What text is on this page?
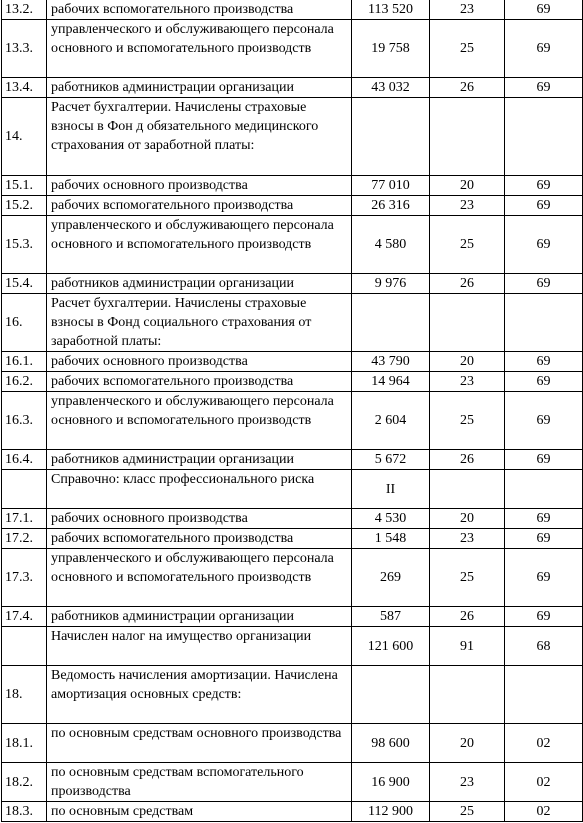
13.2.	рабочих вспомогательного производства	113 520	23	69
13.3.	управленческого и обслуживающего персонала основного и вспомогательного производств	19 758	25	69
13.4.	работников администрации организации	43 032	26	69
14.	Расчет бухгалтерии. Начислены страховые взносы в Фон д обязательного медицинского страхования от заработной платы:			
15.1.	рабочих основного производства	77 010	20	69
15.2.	рабочих вспомогательного производства	26 316	23	69
15.3.	управленческого и обслуживающего персонала основного и вспомогательного производств	4 580	25	69
15.4.	работников администрации организации	9 976	26	69
16.	Расчет бухгалтерии. Начислены страховые взносы в Фонд социального страхования от заработной платы:			
16.1.	рабочих основного производства	43 790	20	69
16.2.	рабочих вспомогательного производства	14 964	23	69
16.3.	управленческого и обслуживающего персонала основного и вспомогательного производств	2 604	25	69
16.4.	работников администрации организации	5 672	26	69
	Справочно: класс профессионального риска	II		
17.1.	рабочих основного производства	4 530	20	69
17.2.	рабочих вспомогательного производства	1 548	23	69
17.3.	управленческого и обслуживающего персонала основного и вспомогательного производств	269	25	69
17.4.	работников администрации организации	587	26	69
	Начислен налог на имущество организации	121 600	91	68
18.	Ведомость начисления амортизации. Начислена амортизация основных средств:			
18.1.	по основным средствам основного производства	98 600	20	02
18.2.	по основным средствам вспомогательного производства	16 900	23	02
18.3.	по основным средствам	112 900	25	02
